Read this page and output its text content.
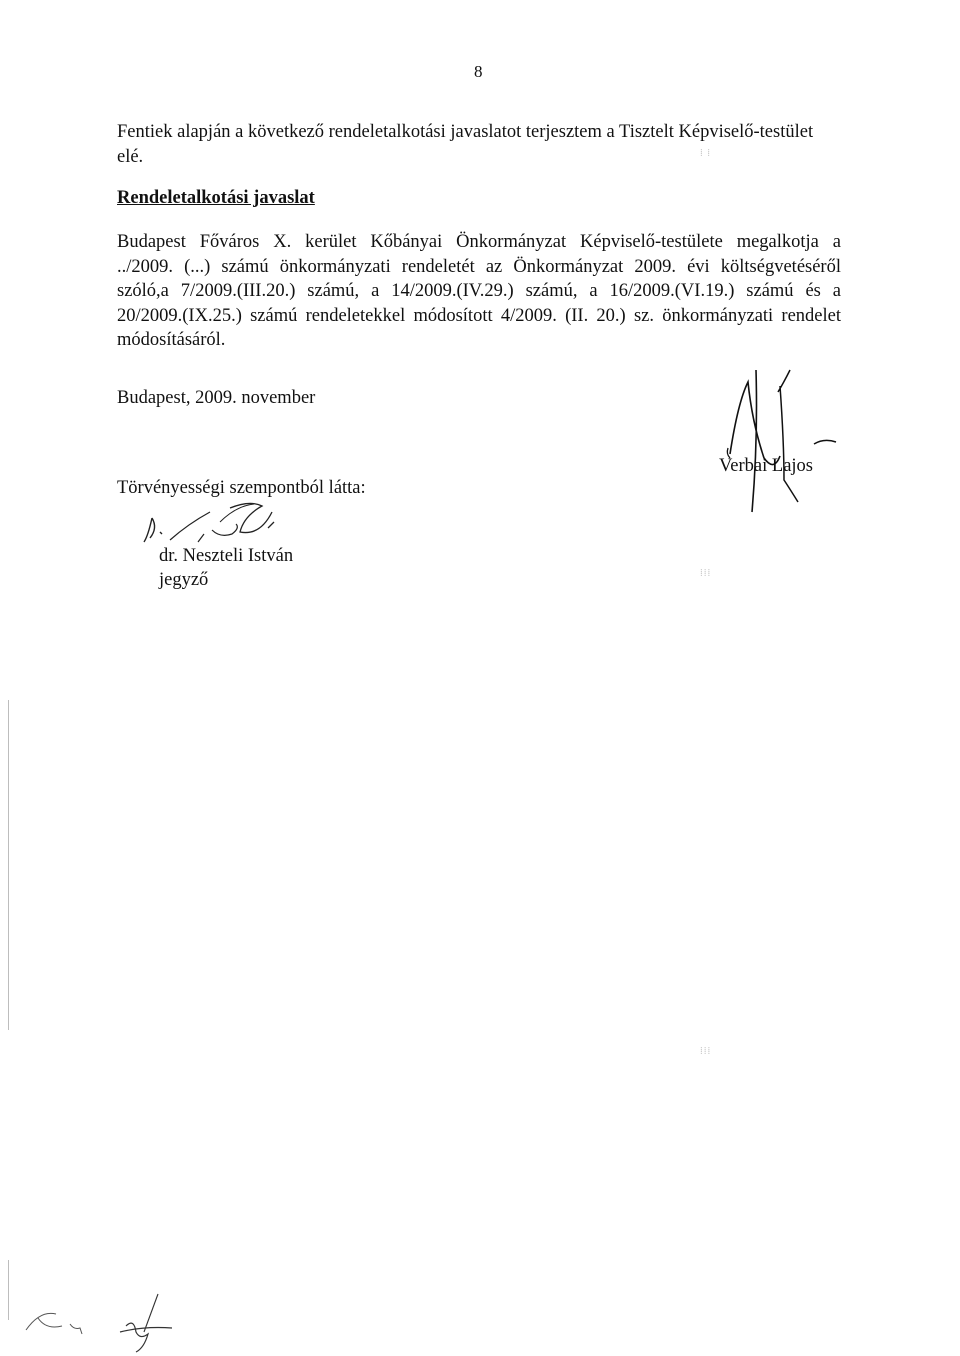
8
Fentiek alapján a következő rendeletalkotási javaslatot terjesztem a Tisztelt Képviselő-testület
elé.
Rendeletalkotási javaslat
Budapest Főváros X. kerület Kőbányai Önkormányzat Képviselő-testülete megalkotja a
../2009. (...) számú önkormányzati rendeletét az Önkormányzat 2009. évi költségvetéséről
szóló,a 7/2009.(III.20.) számú, a 14/2009.(IV.29.) számú, a 16/2009.(VI.19.) számú és a
20/2009.(IX.25.) számú rendeletekkel módosított 4/2009. (II. 20.) sz. önkormányzati rendelet
módosításáról.
Budapest, 2009. november
Törvényességi szempontból látta:
dr. Neszteli István
jegyző
Verbai Lajos
⁞ ⁞
⁞⁞⁞
⁞⁞⁞
